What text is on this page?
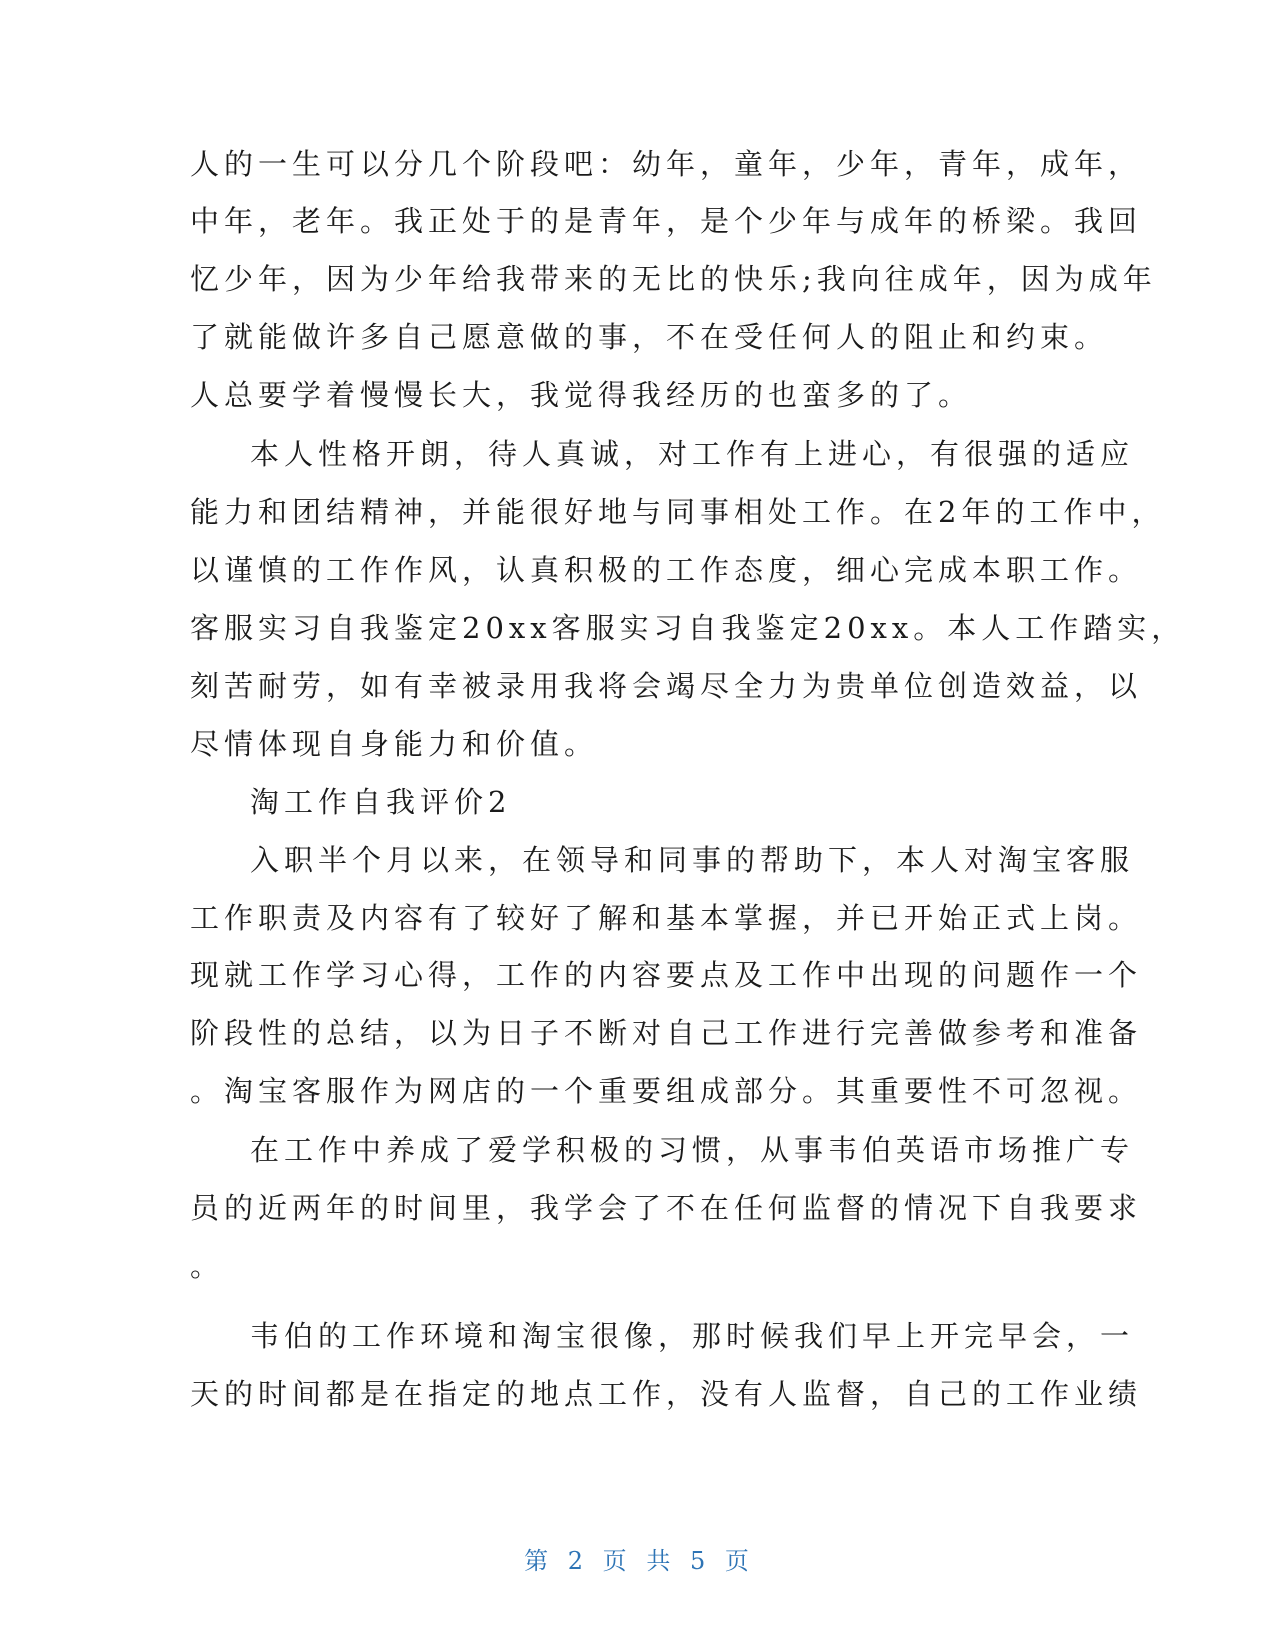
人的一生可以分几个阶段吧：幼年，童年，少年，青年，成年，
中年，老年。我正处于的是青年，是个少年与成年的桥梁。我回
忆少年，因为少年给我带来的无比的快乐;我向往成年，因为成年
了就能做许多自己愿意做的事，不在受任何人的阻止和约束。
人总要学着慢慢长大，我觉得我经历的也蛮多的了。
本人性格开朗，待人真诚，对工作有上进心，有很强的适应
能力和团结精神，并能很好地与同事相处工作。在2年的工作中，
以谨慎的工作作风，认真积极的工作态度，细心完成本职工作。
客服实习自我鉴定20xx客服实习自我鉴定20xx。本人工作踏实，
刻苦耐劳，如有幸被录用我将会竭尽全力为贵单位创造效益，以
尽情体现自身能力和价值。
淘工作自我评价2
入职半个月以来，在领导和同事的帮助下，本人对淘宝客服
工作职责及内容有了较好了解和基本掌握，并已开始正式上岗。
现就工作学习心得，工作的内容要点及工作中出现的问题作一个
阶段性的总结，以为日子不断对自己工作进行完善做参考和准备
。淘宝客服作为网店的一个重要组成部分。其重要性不可忽视。
在工作中养成了爱学积极的习惯，从事韦伯英语市场推广专
员的近两年的时间里，我学会了不在任何监督的情况下自我要求
。
韦伯的工作环境和淘宝很像，那时候我们早上开完早会，一
天的时间都是在指定的地点工作，没有人监督，自己的工作业绩
第 2 页 共 5 页
